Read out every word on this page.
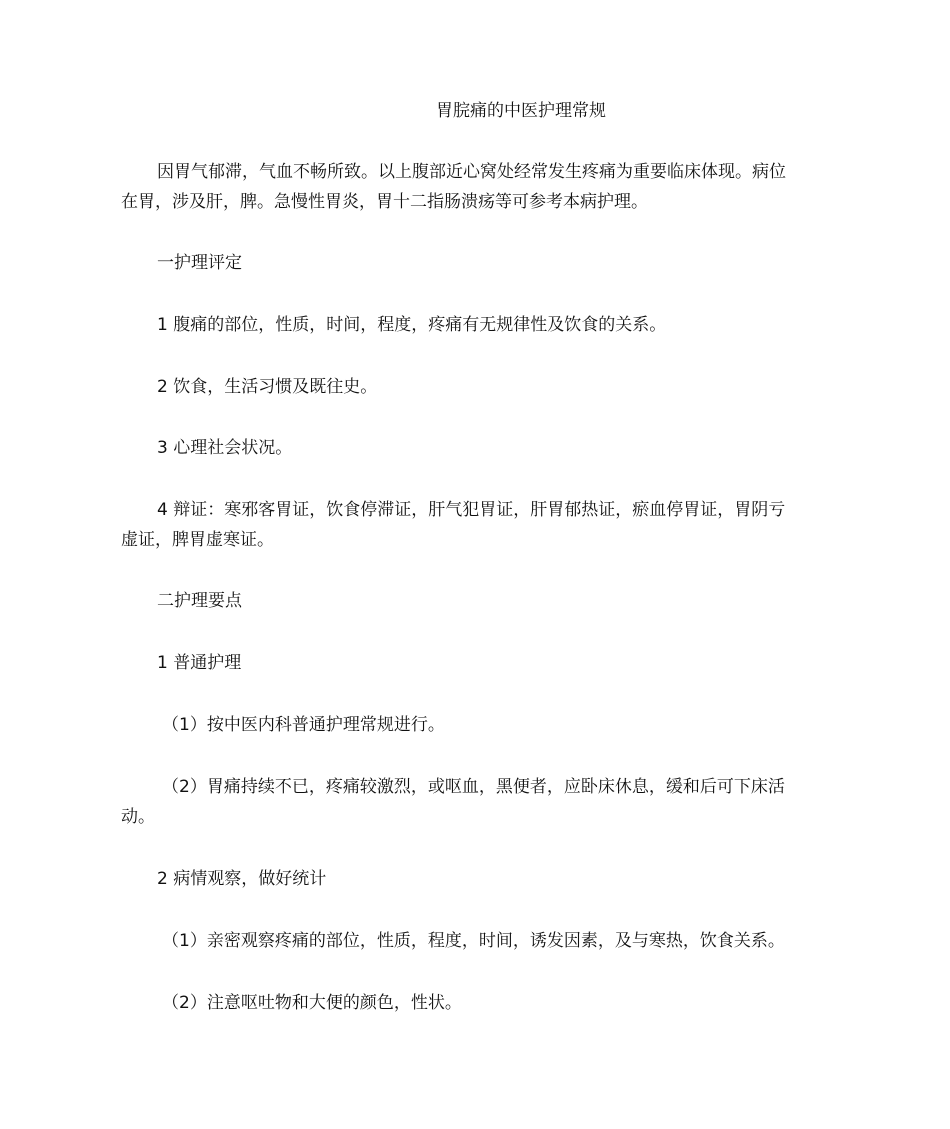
胃脘痛的中医护理常规
因胃气郁滞，气血不畅所致。以上腹部近心窝处经常发生疼痛为重要临床体现。病位
在胃，涉及肝，脾。急慢性胃炎，胃十二指肠溃疡等可参考本病护理。
一护理评定
1 腹痛的部位，性质，时间，程度，疼痛有无规律性及饮食的关系。
2 饮食，生活习惯及既往史。
3 心理社会状况。
4 辩证：寒邪客胃证，饮食停滞证，肝气犯胃证，肝胃郁热证，瘀血停胃证，胃阴亏
虚证，脾胃虚寒证。
二护理要点
1 普通护理
（1）按中医内科普通护理常规进行。
（2）胃痛持续不已，疼痛较激烈，或呕血，黑便者，应卧床休息，缓和后可下床活
动。
2 病情观察，做好统计
（1）亲密观察疼痛的部位，性质，程度，时间，诱发因素，及与寒热，饮食关系。
（2）注意呕吐物和大便的颜色，性状。
